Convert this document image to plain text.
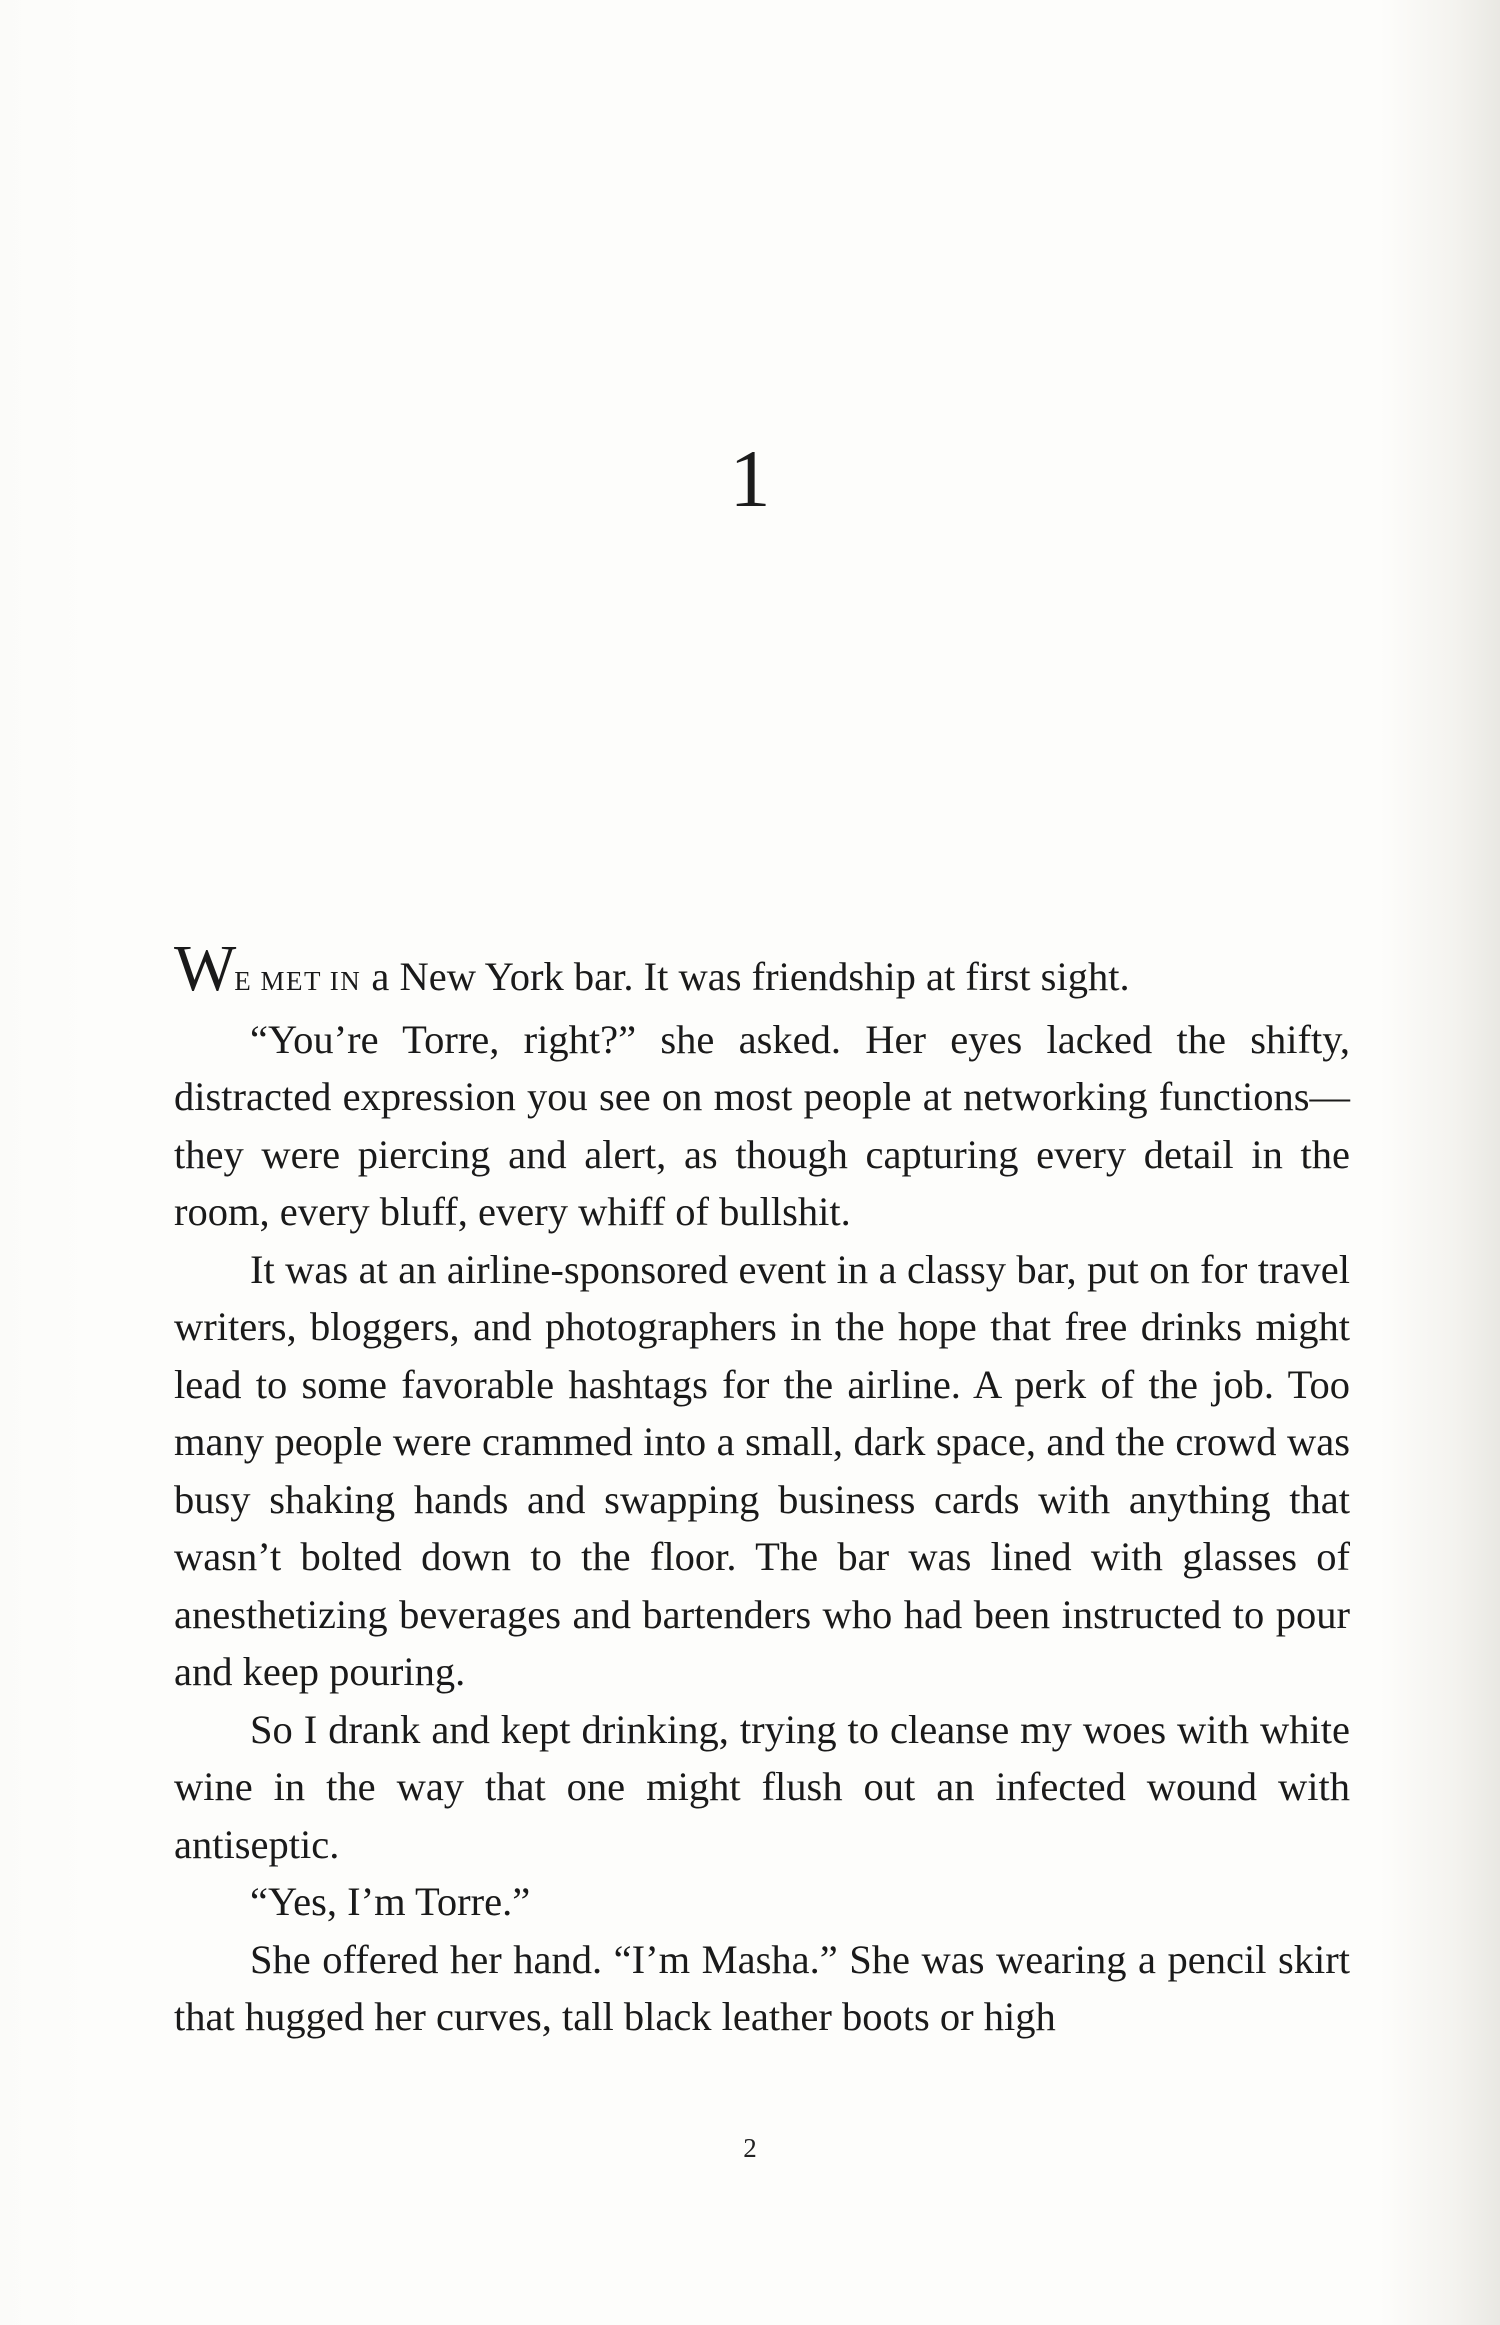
1

WE MET IN a New York bar. It was friendship at first sight.

“You’re Torre, right?” she asked. Her eyes lacked the shifty, distracted expression you see on most people at networking functions—they were piercing and alert, as though capturing every detail in the room, every bluff, every whiff of bullshit.

It was at an airline-sponsored event in a classy bar, put on for travel writers, bloggers, and photographers in the hope that free drinks might lead to some favorable hashtags for the airline. A perk of the job. Too many people were crammed into a small, dark space, and the crowd was busy shaking hands and swapping business cards with anything that wasn’t bolted down to the floor. The bar was lined with glasses of anesthetizing beverages and bartenders who had been instructed to pour and keep pouring.

So I drank and kept drinking, trying to cleanse my woes with white wine in the way that one might flush out an infected wound with antiseptic.

“Yes, I’m Torre.”

She offered her hand. “I’m Masha.” She was wearing a pencil skirt that hugged her curves, tall black leather boots or high

2
